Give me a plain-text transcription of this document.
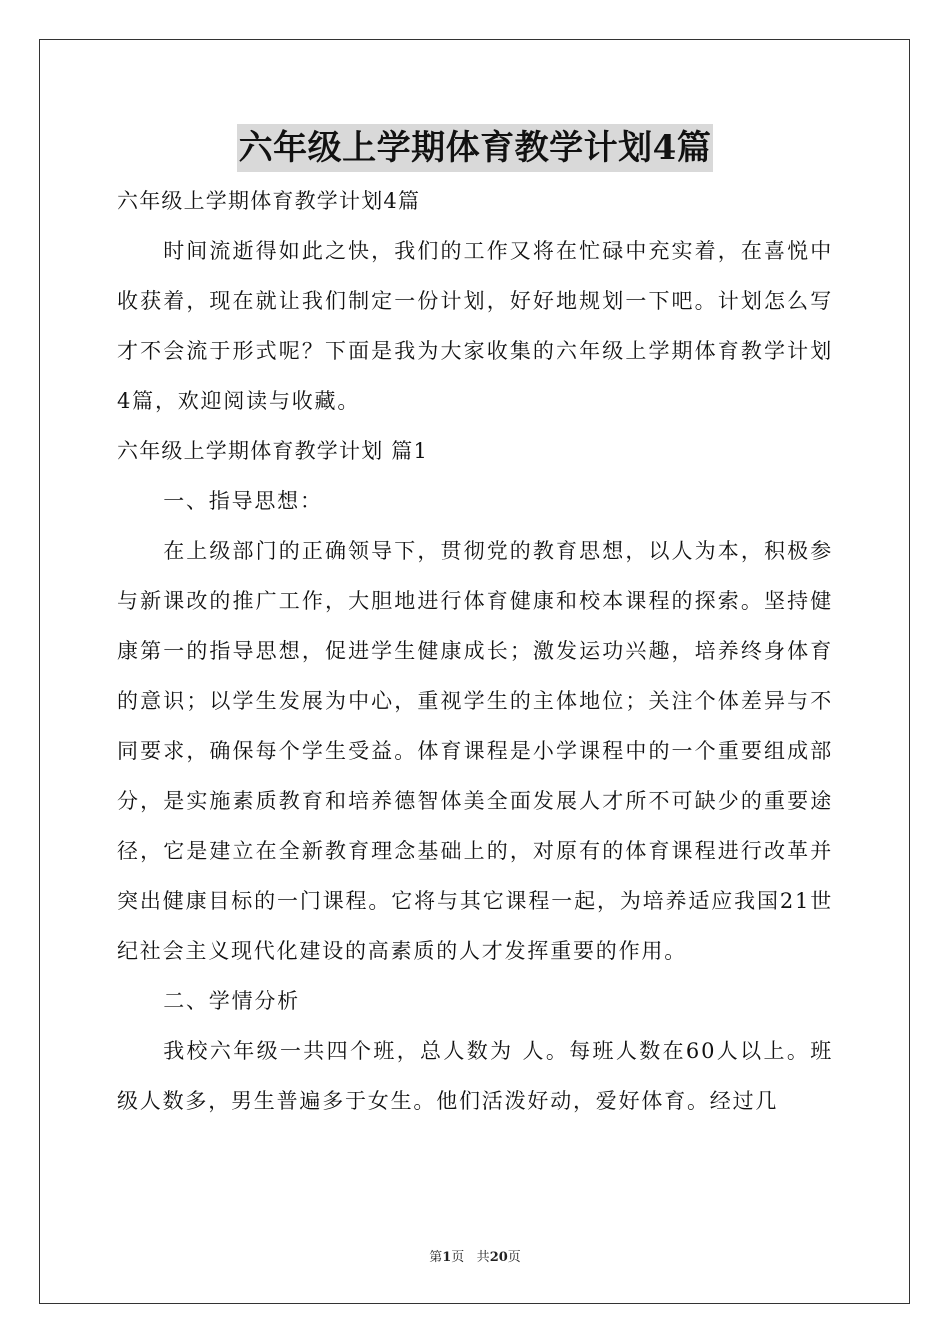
六年级上学期体育教学计划4篇
六年级上学期体育教学计划4篇

时间流逝得如此之快，我们的工作又将在忙碌中充实着，在喜悦中收获着，现在就让我们制定一份计划，好好地规划一下吧。计划怎么写才不会流于形式呢？下面是我为大家收集的六年级上学期体育教学计划4篇，欢迎阅读与收藏。

六年级上学期体育教学计划 篇1

一、指导思想：

在上级部门的正确领导下，贯彻党的教育思想，以人为本，积极参与新课改的推广工作，大胆地进行体育健康和校本课程的探索。坚持健康第一的指导思想，促进学生健康成长；激发运功兴趣，培养终身体育的意识；以学生发展为中心，重视学生的主体地位；关注个体差异与不同要求，确保每个学生受益。体育课程是小学课程中的一个重要组成部分，是实施素质教育和培养德智体美全面发展人才所不可缺少的重要途径，它是建立在全新教育理念基础上的，对原有的体育课程进行改革并突出健康目标的一门课程。它将与其它课程一起，为培养适应我国21世纪社会主义现代化建设的高素质的人才发挥重要的作用。

二、学情分析

我校六年级一共四个班，总人数为 人。每班人数在60人以上。班级人数多，男生普遍多于女生。他们活泼好动，爱好体育。经过几

第1页 共20页
